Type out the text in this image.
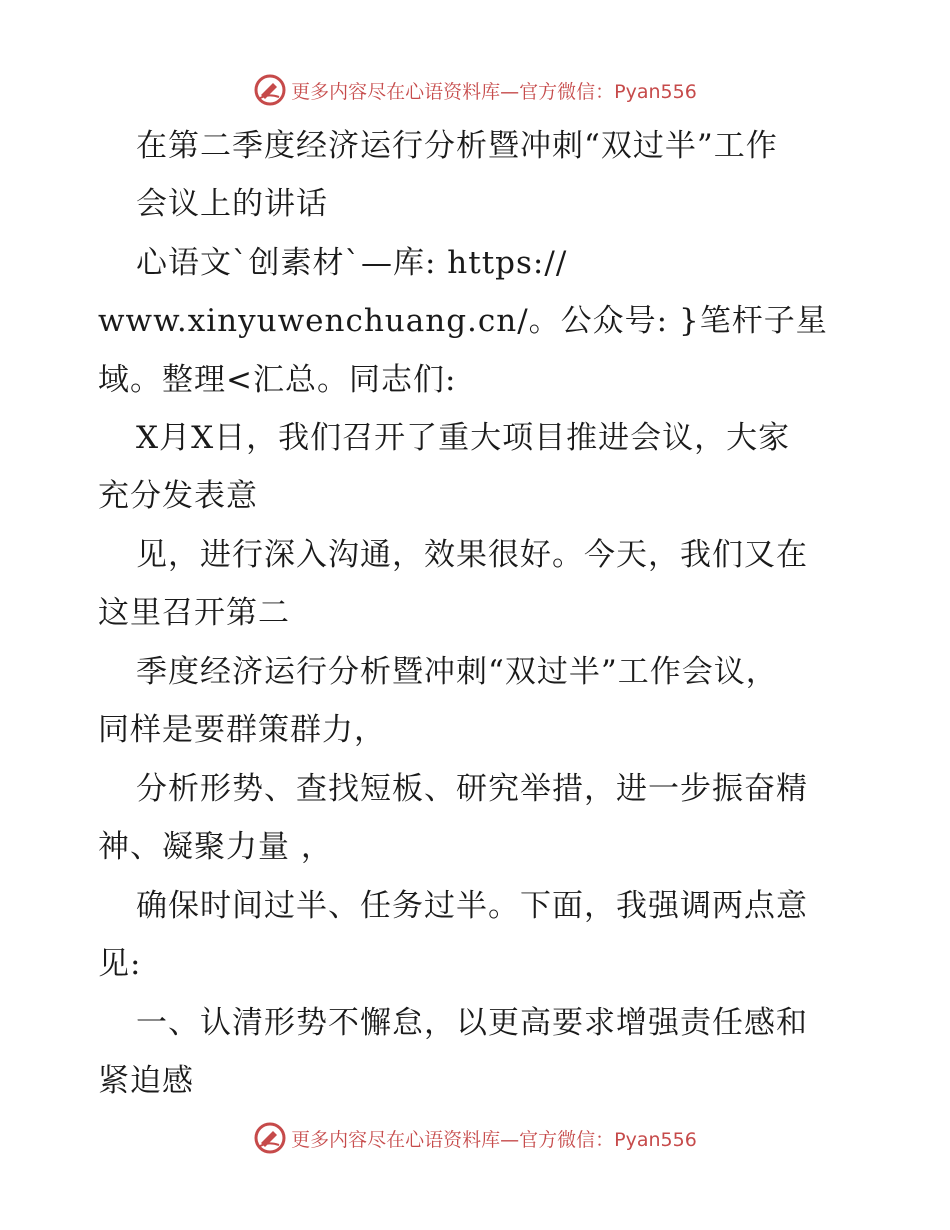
更多内容尽在心语资料库—官方微信：Pyan556
在第二季度经济运行分析暨冲刺“双过半”工作
会议上的讲话
心语文`创素材`—库: https://
www.xinyuwenchuang.cn/。公众号: }笔杆子星
域。整理<汇总。同志们:
X月X日，我们召开了重大项目推进会议，大家
充分发表意
见，进行深入沟通，效果很好。今天，我们又在
这里召开第二
季度经济运行分析暨冲刺“双过半”工作会议，
同样是要群策群力，
分析形势、查找短板、研究举措，进一步振奋精
神、凝聚力量 ，
确保时间过半、任务过半。下面，我强调两点意
见:
一、认清形势不懈怠，以更高要求增强责任感和
紧迫感
更多内容尽在心语资料库—官方微信：Pyan556
